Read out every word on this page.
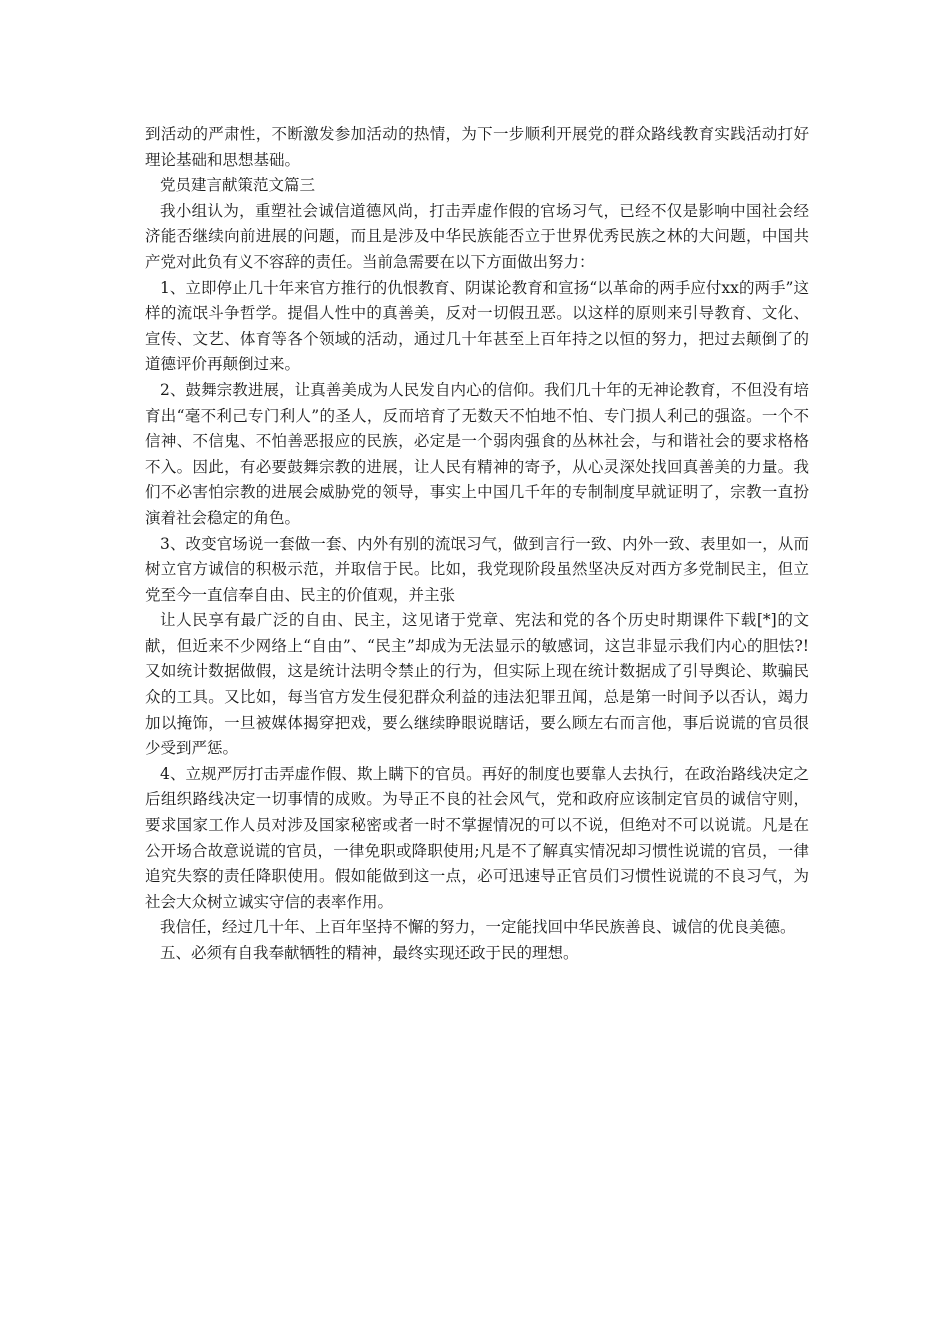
到活动的严肃性，不断激发参加活动的热情，为下一步顺利开展党的群众路线教育实践活动打好理论基础和思想基础。

党员建言献策范文篇三

我小组认为，重塑社会诚信道德风尚，打击弄虚作假的官场习气，已经不仅是影响中国社会经济能否继续向前进展的问题，而且是涉及中华民族能否立于世界优秀民族之林的大问题，中国共产党对此负有义不容辞的责任。当前急需要在以下方面做出努力：

1、立即停止几十年来官方推行的仇恨教育、阴谋论教育和宣扬“以革命的两手应付xx的两手”这样的流氓斗争哲学。提倡人性中的真善美，反对一切假丑恶。以这样的原则来引导教育、文化、宣传、文艺、体育等各个领域的活动，通过几十年甚至上百年持之以恒的努力，把过去颠倒了的道德评价再颠倒过来。

2、鼓舞宗教进展，让真善美成为人民发自内心的信仰。我们几十年的无神论教育，不但没有培育出“毫不利己专门利人”的圣人，反而培育了无数天不怕地不怕、专门损人利己的强盗。一个不信神、不信鬼、不怕善恶报应的民族，必定是一个弱肉强食的丛林社会，与和谐社会的要求格格不入。因此，有必要鼓舞宗教的进展，让人民有精神的寄予，从心灵深处找回真善美的力量。我们不必害怕宗教的进展会威胁党的领导，事实上中国几千年的专制制度早就证明了，宗教一直扮演着社会稳定的角色。

3、改变官场说一套做一套、内外有别的流氓习气，做到言行一致、内外一致、表里如一，从而树立官方诚信的积极示范，并取信于民。比如，我党现阶段虽然坚决反对西方多党制民主，但立党至今一直信奉自由、民主的价值观，并主张

让人民享有最广泛的自由、民主，这见诸于党章、宪法和党的各个历史时期课件下载[*]的文献，但近来不少网络上“自由”、“民主”却成为无法显示的敏感词，这岂非显示我们内心的胆怯?!又如统计数据做假，这是统计法明令禁止的行为，但实际上现在统计数据成了引导舆论、欺骗民众的工具。又比如，每当官方发生侵犯群众利益的违法犯罪丑闻，总是第一时间予以否认，竭力加以掩饰，一旦被媒体揭穿把戏，要么继续睁眼说瞎话，要么顾左右而言他，事后说谎的官员很少受到严惩。

4、立规严厉打击弄虚作假、欺上瞒下的官员。再好的制度也要靠人去执行，在政治路线决定之后组织路线决定一切事情的成败。为导正不良的社会风气，党和政府应该制定官员的诚信守则，要求国家工作人员对涉及国家秘密或者一时不掌握情况的可以不说，但绝对不可以说谎。凡是在公开场合故意说谎的官员，一律免职或降职使用;凡是不了解真实情况却习惯性说谎的官员，一律追究失察的责任降职使用。假如能做到这一点，必可迅速导正官员们习惯性说谎的不良习气，为社会大众树立诚实守信的表率作用。

我信任，经过几十年、上百年坚持不懈的努力，一定能找回中华民族善良、诚信的优良美德。

五、必须有自我奉献牺牲的精神，最终实现还政于民的理想。
